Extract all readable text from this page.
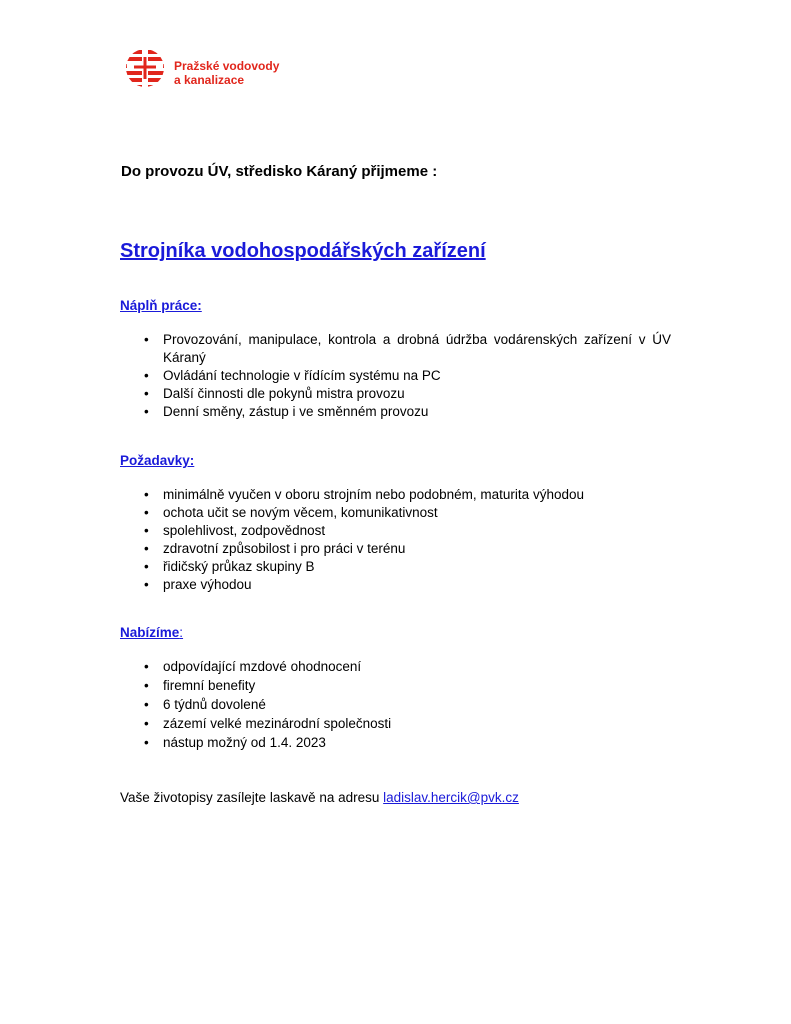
Pražské vodovody
a kanalizace
Do provozu ÚV, středisko Káraný přijmeme :
Strojníka vodohospodářských zařízení
Náplň práce:
• Provozování, manipulace, kontrola a drobná údržba vodárenských zařízení v ÚV Káraný
• Ovládání technologie v řídícím systému na PC
• Další činnosti dle pokynů mistra provozu
• Denní směny, zástup i ve směnném provozu
Požadavky:
• minimálně vyučen v oboru strojním nebo podobném, maturita výhodou
• ochota učit se novým věcem, komunikativnost
• spolehlivost, zodpovědnost
• zdravotní způsobilost i pro práci v terénu
• řidičský průkaz skupiny B
• praxe výhodou
Nabízíme:
• odpovídající mzdové ohodnocení
• firemní benefity
• 6 týdnů dovolené
• zázemí velké mezinárodní společnosti
• nástup možný od 1.4. 2023
Vaše životopisy zasílejte laskavě na adresu ladislav.hercik@pvk.cz
